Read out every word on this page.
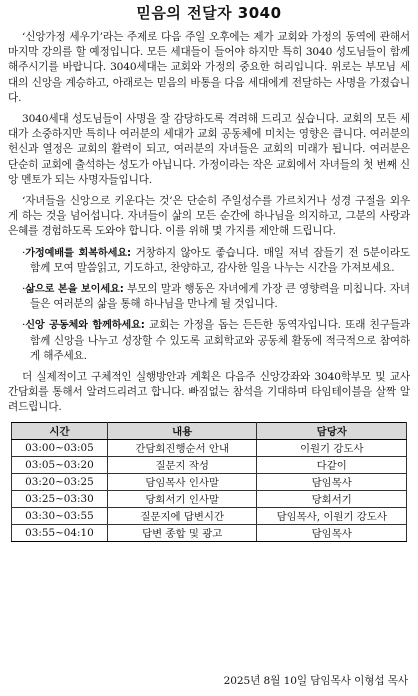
믿음의 전달자 3040

‘신앙가정 세우기’라는 주제로 다음 주일 오후에는 제가 교회와 가정의 동역에 관해서 마지막 강의를 할 예정입니다. 모든 세대들이 들어야 하지만 특히 3040 성도님들이 함께 해주시기를 바랍니다. 3040세대는 교회와 가정의 중요한 허리입니다. 위로는 부모님 세대의 신앙을 계승하고, 아래로는 믿음의 바통을 다음 세대에게 전달하는 사명을 가졌습니다.

3040세대 성도님들이 사명을 잘 감당하도록 격려해 드리고 싶습니다. 교회의 모든 세대가 소중하지만 특히나 여러분의 세대가 교회 공동체에 미치는 영향은 큽니다. 여러분의 헌신과 열정은 교회의 활력이 되고, 여러분의 자녀들은 교회의 미래가 됩니다. 여러분은 단순히 교회에 출석하는 성도가 아닙니다. 가정이라는 작은 교회에서 자녀들의 첫 번째 신앙 멘토가 되는 사명자들입니다.

‘자녀들을 신앙으로 키운다는 것’은 단순히 주일성수를 가르치거나 성경 구절을 외우게 하는 것을 넘어섭니다. 자녀들이 삶의 모든 순간에 하나님을 의지하고, 그분의 사랑과 은혜를 경험하도록 도와야 합니다. 이를 위해 몇 가지를 제안해 드립니다.

·가정예배를 회복하세요: 거창하지 않아도 좋습니다. 매일 저녁 잠들기 전 5분이라도 함께 모여 말씀읽고, 기도하고, 찬양하고, 감사한 일을 나누는 시간을 가져보세요.
·삶으로 본을 보이세요: 부모의 말과 행동은 자녀에게 가장 큰 영향력을 미칩니다. 자녀들은 여러분의 삶을 통해 하나님을 만나게 될 것입니다.
·신앙 공동체와 함께하세요: 교회는 가정을 돕는 든든한 동역자입니다. 또래 친구들과 함께 신앙을 나누고 성장할 수 있도록 교회학교와 공동체 활동에 적극적으로 참여하게 해주세요.

더 실제적이고 구체적인 실행방안과 계획은 다음주 신앙강좌와 3040학부모 및 교사 간담회를 통해서 알려드리려고 합니다. 빠짐없는 참석을 기대하며 타임테이블을 살짝 알려드립니다.

시간	내용	담당자
03:00~03:05	간담회진행순서 안내	이원기 강도사
03:05~03:20	질문지 작성	다같이
03:20~03:25	담임목사 인사말	담임목사
03:25~03:30	당회서기 인사말	당회서기
03:30~03:55	질문지에 답변시간	담임목사, 이원기 강도사
03:55~04:10	답변 종합 및 광고	담임목사
2025년 8월 10일 담임목사 이형섭 목사
